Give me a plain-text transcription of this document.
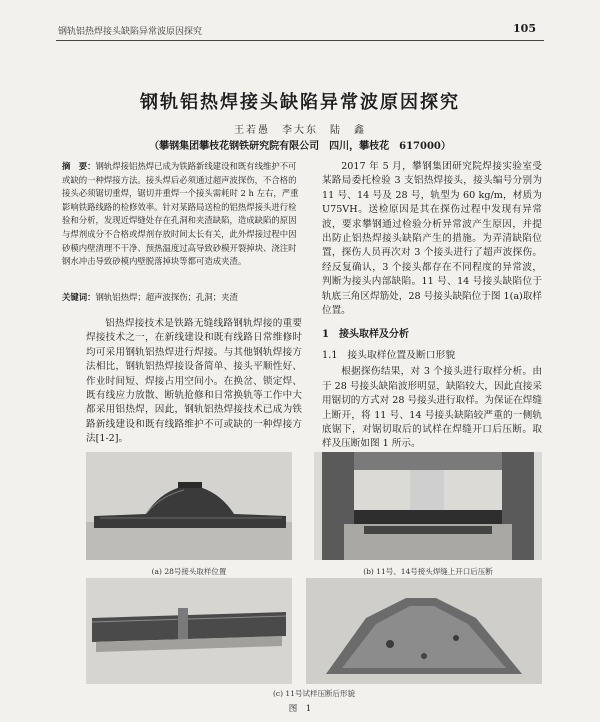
钢轨铝热焊接头缺陷异常波原因探究	105
钢轨铝热焊接头缺陷异常波原因探究
王若愚　李大东　陆　鑫
（攀钢集团攀枝花钢铁研究院有限公司　四川，攀枝花　617000）
摘　要：钢轨焊接铝热焊已成为铁路新线建设和既有线维护不可或缺的一种焊接方法。接头焊后必须通过超声波探伤，不合格的接头必须锯切重焊，锯切并重焊一个接头需耗时 2 h 左右，严重影响铁路线路的检修效率。针对某路局送检的铝热焊接头进行检验和分析，发现近焊缝处存在孔洞和夹渣缺陷，造成缺陷的原因与焊剂成分不合格或焊剂存放时间太长有关，此外焊接过程中因砂模内壁清理不干净、预热温度过高导致砂模开裂掉块、浇注时钢水冲击导致砂模内壁脱落掉块等都可造成夹渣。
关键词：钢轨铝热焊；超声波探伤；孔洞；夹渣
铝热焊接技术是铁路无缝线路钢轨焊接的重要焊接技术之一，在新线建设和既有线路日常维修时均可采用钢轨铝热焊进行焊接。与其他钢轨焊接方法相比，钢轨铝热焊接设备简单、接头平顺性好、作业时间短、焊接占用空间小。在换岔、锁定焊、既有线应力放散、断轨抢修和日常换轨等工作中大都采用铝热焊，因此，钢轨铝热焊接技术已成为铁路新线建设和既有线路维护不可或缺的一种焊接方法[1-2]。

2017 年 5 月，攀钢集团研究院焊接实验室受某路局委托检验 3 支铝热焊接头，接头编号分别为 11 号、14 号及 28 号，轨型为 60 kg/m，材质为 U75VH。送检原因是其在探伤过程中发现有异常波，要求攀钢通过检验分析异常波产生原因，并提出防止铝热焊接头缺陷产生的措施。为弄清缺陷位置，探伤人员再次对 3 个接头进行了超声波探伤。经反复确认，3 个接头都存在不同程度的异常波，判断为接头内部缺陷。11 号、14 号接头缺陷位于轨底三角区焊筋处，28 号接头缺陷位于图 1(a)取样位置。

1　接头取样及分析

1.1　接头取样位置及断口形貌

根据探伤结果，对 3 个接头进行取样分析。由于 28 号接头缺陷波形明显，缺陷较大，因此直接采用锯切的方式对 28 号接头进行取样。为保证在焊缝上断开，将 11 号、14 号接头缺陷较严重的一侧轨底锯下，对锯切取后的试样在焊缝开口后压断。取样及压断如图 1 所示。

(a) 28号接头取样位置	(b) 11号、14号接头焊缝上开口后压断
(c) 11号试样压断后形貌
图　1
